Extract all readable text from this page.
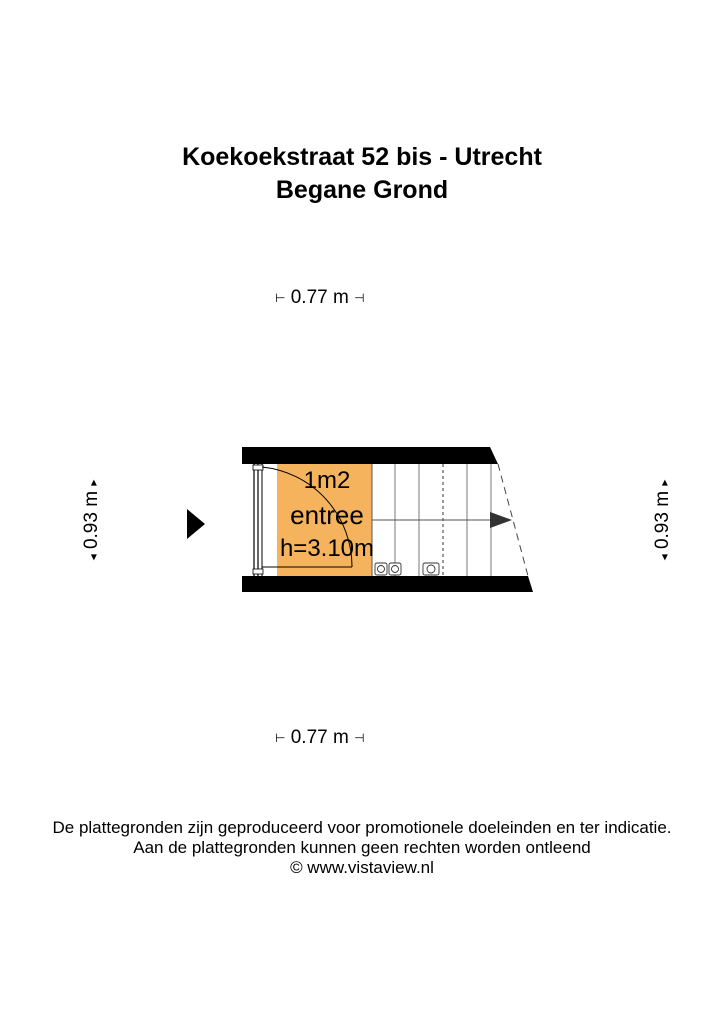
Koekoekstraat 52 bis - Utrecht
Begane Grond
⊢ 0.77 m ⊣
⊢ 0.77 m ⊣
◂ 0.93 m ▸
◂ 0.93 m ▸
1m2
entree
h=3.10m
De plattegronden zijn geproduceerd voor promotionele doeleinden en ter indicatie.
Aan de plattegronden kunnen geen rechten worden ontleend
© www.vistaview.nl
